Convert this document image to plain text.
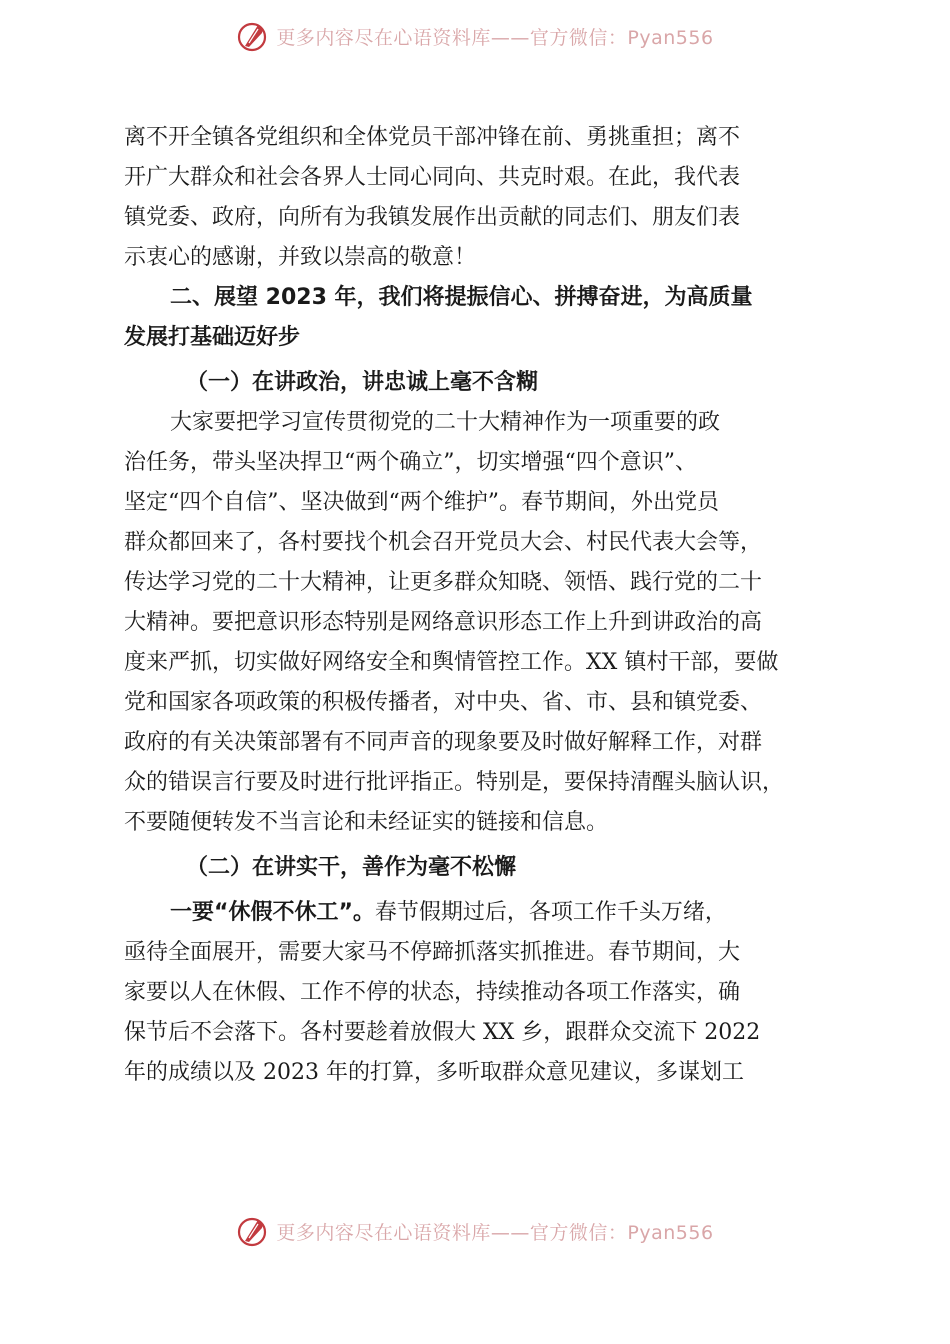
更多内容尽在心语资料库——官方微信：Pyan556
离不开全镇各党组织和全体党员干部冲锋在前、勇挑重担；离不
开广大群众和社会各界人士同心同向、共克时艰。在此，我代表
镇党委、政府，向所有为我镇发展作出贡献的同志们、朋友们表
示衷心的感谢，并致以崇高的敬意！
二、展望 2023 年，我们将提振信心、拼搏奋进，为高质量
发展打基础迈好步
（一）在讲政治，讲忠诚上毫不含糊
大家要把学习宣传贯彻党的二十大精神作为一项重要的政
治任务，带头坚决捍卫“两个确立”，切实增强“四个意识”、
坚定“四个自信”、坚决做到“两个维护”。春节期间，外出党员
群众都回来了，各村要找个机会召开党员大会、村民代表大会等，
传达学习党的二十大精神，让更多群众知晓、领悟、践行党的二十
大精神。要把意识形态特别是网络意识形态工作上升到讲政治的高
度来严抓，切实做好网络安全和舆情管控工作。XX 镇村干部，要做
党和国家各项政策的积极传播者，对中央、省、市、县和镇党委、
政府的有关决策部署有不同声音的现象要及时做好解释工作，对群
众的错误言行要及时进行批评指正。特别是，要保持清醒头脑认识，
不要随便转发不当言论和未经证实的链接和信息。
（二）在讲实干，善作为毫不松懈
一要“休假不休工”。春节假期过后，各项工作千头万绪，
亟待全面展开，需要大家马不停蹄抓落实抓推进。春节期间，大
家要以人在休假、工作不停的状态，持续推动各项工作落实，确
保节后不会落下。各村要趁着放假大 XX 乡，跟群众交流下 2022
年的成绩以及 2023 年的打算，多听取群众意见建议，多谋划工
更多内容尽在心语资料库——官方微信：Pyan556
